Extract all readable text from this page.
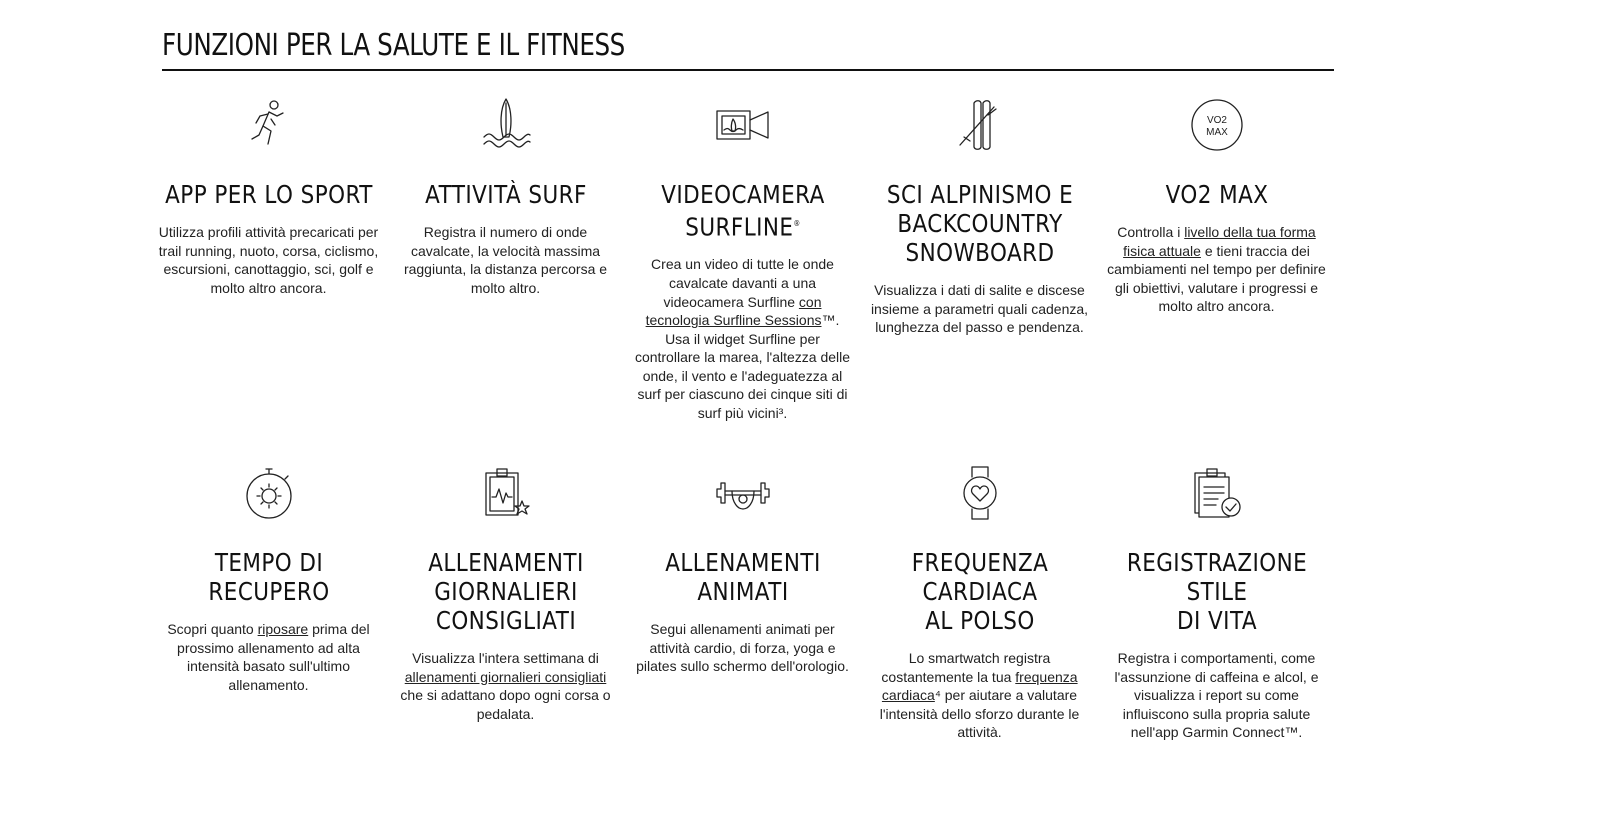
FUNZIONI PER LA SALUTE E IL FITNESS
APP PER LO SPORT

Utilizza profili attività precaricati per trail running, nuoto, corsa, ciclismo, escursioni, canottaggio, sci, golf e molto altro ancora.

ATTIVITÀ SURF

Registra il numero di onde cavalcate, la velocità massima raggiunta, la distanza percorsa e molto altro.

VIDEOCAMERA
SURFLINE®

Crea un video di tutte le onde cavalcate davanti a una videocamera Surfline con tecnologia Surfline Sessions™. Usa il widget Surfline per controllare la marea, l'altezza delle onde, il vento e l'adeguatezza al surf per ciascuno dei cinque siti di surf più vicini³.

SCI ALPINISMO E
BACKCOUNTRY
SNOWBOARD

Visualizza i dati di salite e discese insieme a parametri quali cadenza, lunghezza del passo e pendenza.

VO2
MAX
VO2 MAX

Controlla i livello della tua forma fisica attuale e tieni traccia dei cambiamenti nel tempo per definire gli obiettivi, valutare i progressi e molto altro ancora.

TEMPO DI RECUPERO

Scopri quanto riposare prima del prossimo allenamento ad alta intensità basato sull'ultimo allenamento.

ALLENAMENTI
GIORNALIERI
CONSIGLIATI

Visualizza l'intera settimana di allenamenti giornalieri consigliati che si adattano dopo ogni corsa o pedalata.

ALLENAMENTI ANIMATI

Segui allenamenti animati per attività cardio, di forza, yoga e pilates sullo schermo dell'orologio.

FREQUENZA CARDIACA
AL POLSO

Lo smartwatch registra costantemente la tua frequenza cardiaca⁴ per aiutare a valutare l'intensità dello sforzo durante le attività.

REGISTRAZIONE STILE
DI VITA

Registra i comportamenti, come l'assunzione di caffeina e alcol, e visualizza i report su come influiscono sulla propria salute nell'app Garmin Connect™.
